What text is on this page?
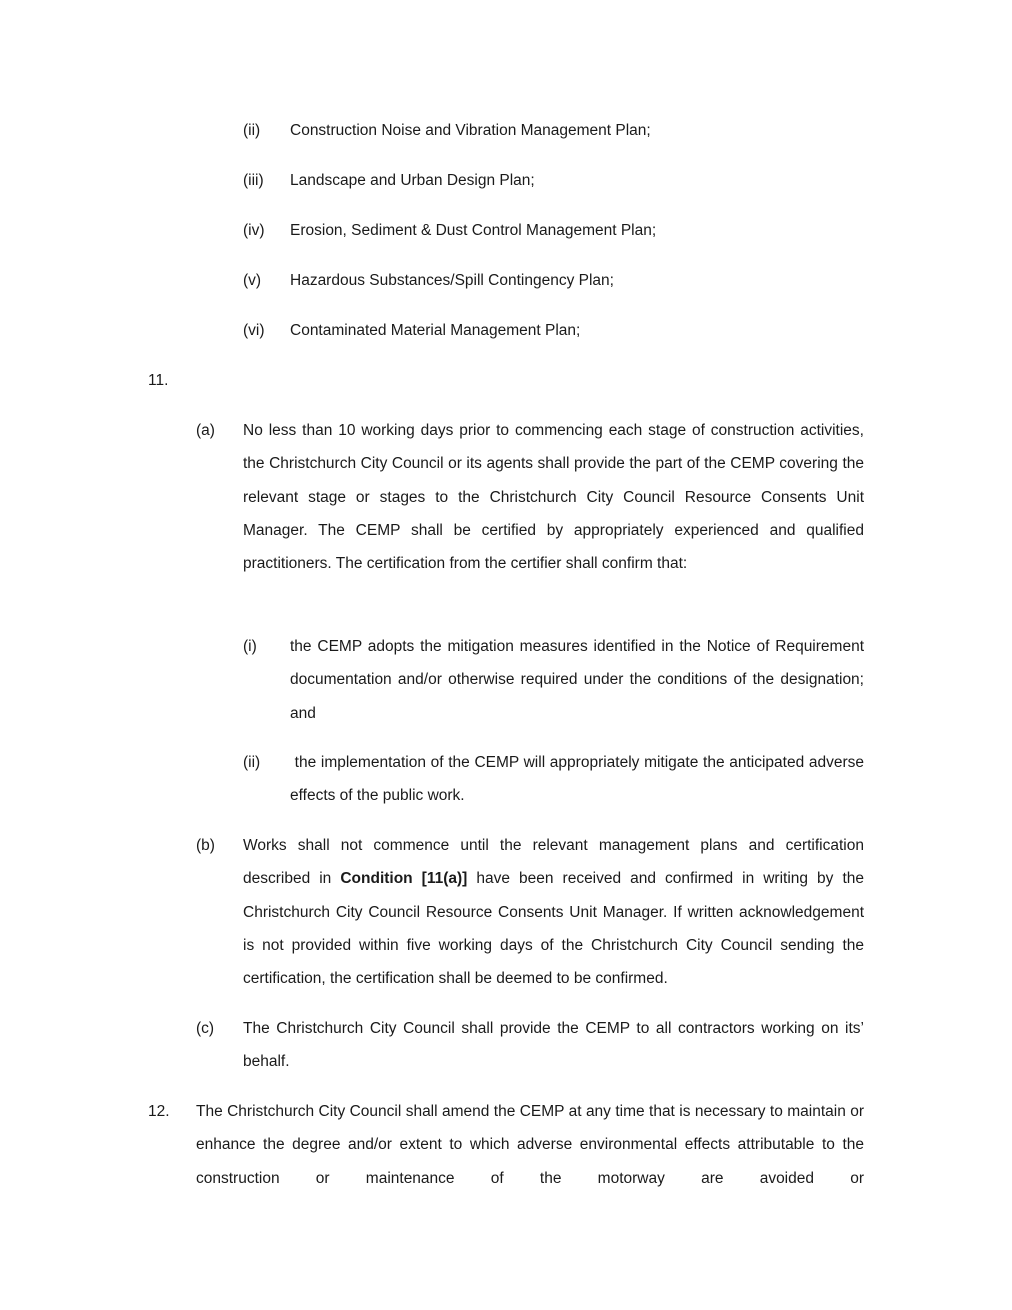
(ii) Construction Noise and Vibration Management Plan;
(iii) Landscape and Urban Design Plan;
(iv) Erosion, Sediment & Dust Control Management Plan;
(v) Hazardous Substances/Spill Contingency Plan;
(vi) Contaminated Material Management Plan;
11.
(a) No less than 10 working days prior to commencing each stage of construction activities, the Christchurch City Council or its agents shall provide the part of the CEMP covering the relevant stage or stages to the Christchurch City Council Resource Consents Unit Manager. The CEMP shall be certified by appropriately experienced and qualified practitioners. The certification from the certifier shall confirm that:
(i) the CEMP adopts the mitigation measures identified in the Notice of Requirement documentation and/or otherwise required under the conditions of the designation; and
(ii) the implementation of the CEMP will appropriately mitigate the anticipated adverse effects of the public work.
(b) Works shall not commence until the relevant management plans and certification described in Condition [11(a)] have been received and confirmed in writing by the Christchurch City Council Resource Consents Unit Manager. If written acknowledgement is not provided within five working days of the Christchurch City Council sending the certification, the certification shall be deemed to be confirmed.
(c) The Christchurch City Council shall provide the CEMP to all contractors working on its’ behalf.
12. The Christchurch City Council shall amend the CEMP at any time that is necessary to maintain or enhance the degree and/or extent to which adverse environmental effects attributable to the construction or maintenance of the motorway are avoided or
